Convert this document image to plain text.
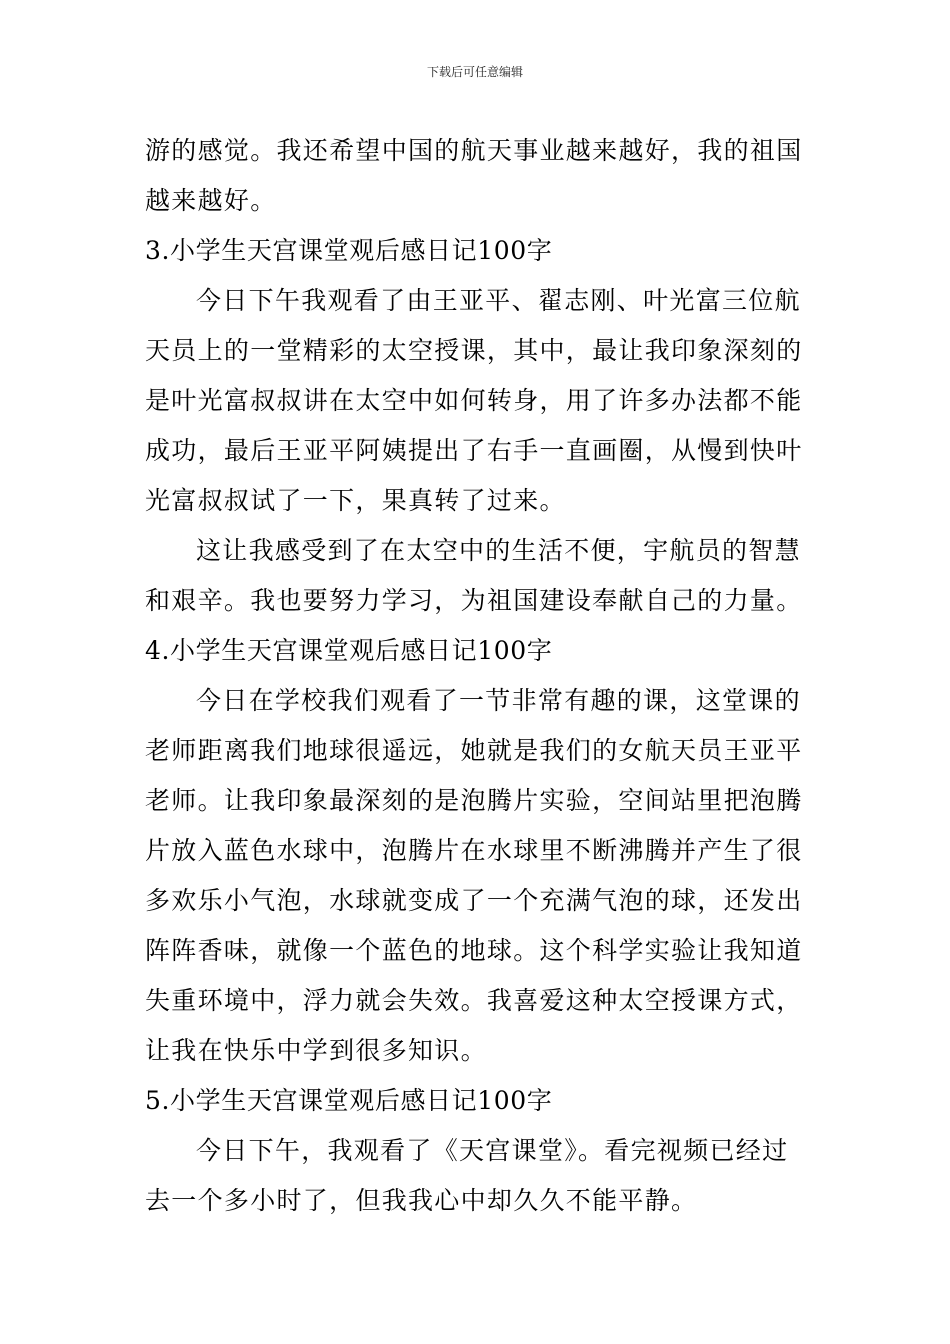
下载后可任意编辑
游的感觉。我还希望中国的航天事业越来越好，我的祖国
越来越好。
3.小学生天宫课堂观后感日记100字
今日下午我观看了由王亚平、翟志刚、叶光富三位航
天员上的一堂精彩的太空授课，其中，最让我印象深刻的
是叶光富叔叔讲在太空中如何转身，用了许多办法都不能
成功，最后王亚平阿姨提出了右手一直画圈，从慢到快叶
光富叔叔试了一下，果真转了过来。
这让我感受到了在太空中的生活不便，宇航员的智慧
和艰辛。我也要努力学习，为祖国建设奉献自己的力量。
4.小学生天宫课堂观后感日记100字
今日在学校我们观看了一节非常有趣的课，这堂课的
老师距离我们地球很遥远，她就是我们的女航天员王亚平
老师。让我印象最深刻的是泡腾片实验，空间站里把泡腾
片放入蓝色水球中，泡腾片在水球里不断沸腾并产生了很
多欢乐小气泡，水球就变成了一个充满气泡的球，还发出
阵阵香味，就像一个蓝色的地球。这个科学实验让我知道
失重环境中，浮力就会失效。我喜爱这种太空授课方式，
让我在快乐中学到很多知识。
5.小学生天宫课堂观后感日记100字
今日下午，我观看了《天宫课堂》。看完视频已经过
去一个多小时了，但我我心中却久久不能平静。
